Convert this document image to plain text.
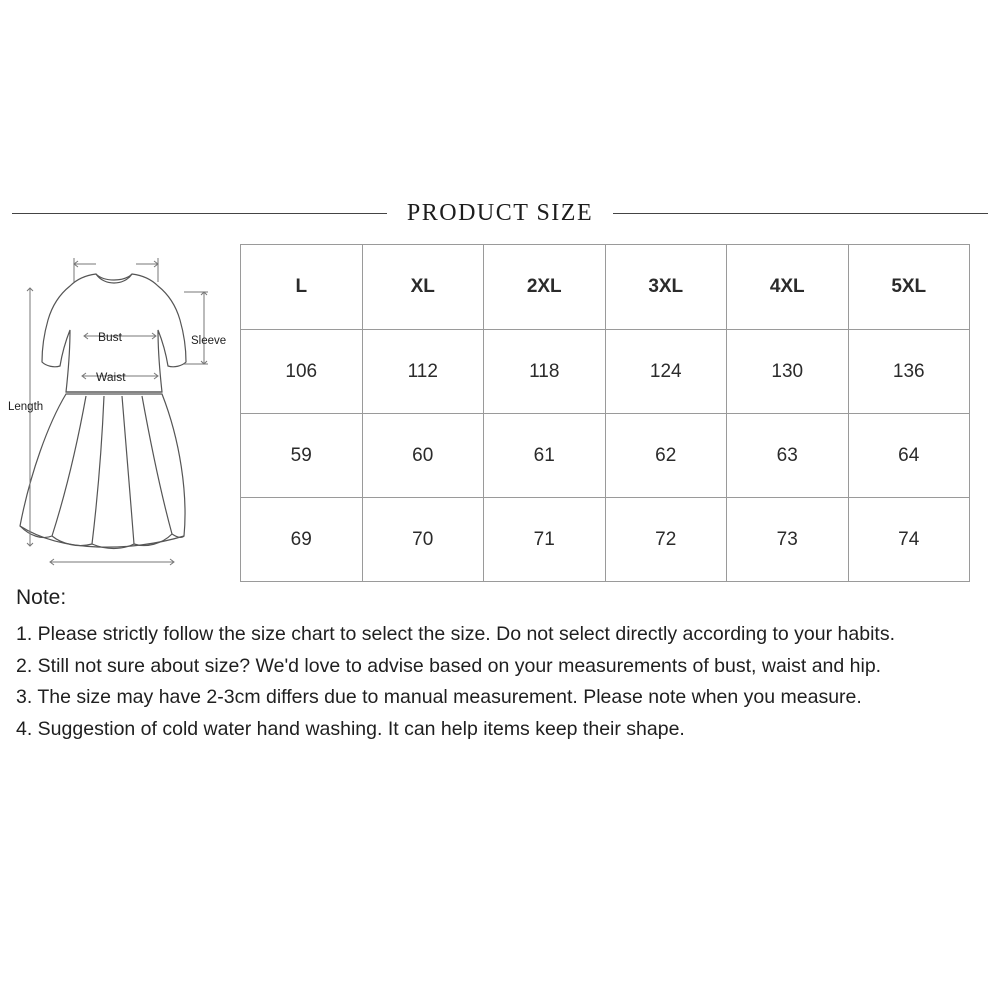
PRODUCT SIZE
Bust
Waist
Sleeve
Length
L	XL	2XL	3XL	4XL	5XL
106	112	118	124	130	136
59	60	61	62	63	64
69	70	71	72	73	74
Note:
1. Please strictly follow the size chart to select the size. Do not select directly according to your habits.
2. Still not sure about size? We'd love to advise based on your measurements of bust, waist and hip.
3. The size may have 2-3cm differs due to manual measurement. Please note when you measure.
4. Suggestion of cold water hand washing. It can help items keep their shape.
